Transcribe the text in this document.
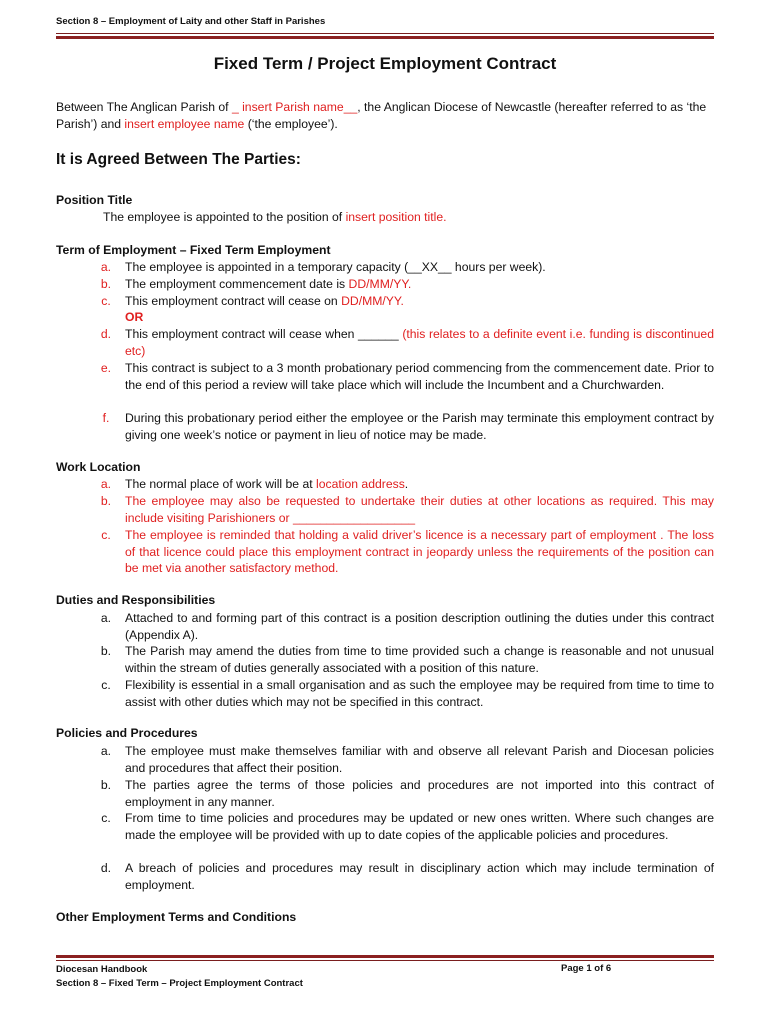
Section 8 – Employment of Laity and other Staff in Parishes
Fixed Term / Project Employment Contract
Between The Anglican Parish of _ insert Parish name__, the Anglican Diocese of Newcastle (hereafter referred to as ‘the Parish’) and insert employee name (‘the employee’).
It is Agreed Between The Parties:
Position Title
The employee is appointed to the position of insert position title.
Term of Employment – Fixed Term Employment
a. The employee is appointed in a temporary capacity (__XX__ hours per week).
b. The employment commencement date is DD/MM/YY.
c. This employment contract will cease on DD/MM/YY.
OR
d. This employment contract will cease when ______ (this relates to a definite event i.e. funding is discontinued etc)
e. This contract is subject to a 3 month probationary period commencing from the commencement date. Prior to the end of this period a review will take place which will include the Incumbent and a Churchwarden.
f. During this probationary period either the employee or the Parish may terminate this employment contract by giving one week’s notice or payment in lieu of notice may be made.
Work Location
a. The normal place of work will be at location address.
b. The employee may also be requested to undertake their duties at other locations as required. This may include visiting Parishioners or __________________
c. The employee is reminded that holding a valid driver’s licence is a necessary part of employment . The loss of that licence could place this employment contract in jeopardy unless the requirements of the position can be met via another satisfactory method.
Duties and Responsibilities
a. Attached to and forming part of this contract is a position description outlining the duties under this contract (Appendix A).
b. The Parish may amend the duties from time to time provided such a change is reasonable and not unusual within the stream of duties generally associated with a position of this nature.
c. Flexibility is essential in a small organisation and as such the employee may be required from time to time to assist with other duties which may not be specified in this contract.
Policies and Procedures
a. The employee must make themselves familiar with and observe all relevant Parish and Diocesan policies and procedures that affect their position.
b. The parties agree the terms of those policies and procedures are not imported into this contract of employment in any manner.
c. From time to time policies and procedures may be updated or new ones written. Where such changes are made the employee will be provided with up to date copies of the applicable policies and procedures.
d. A breach of policies and procedures may result in disciplinary action which may include termination of employment.
Other Employment Terms and Conditions
Diocesan Handbook
Section 8 – Fixed Term – Project Employment Contract
Page 1 of 6
